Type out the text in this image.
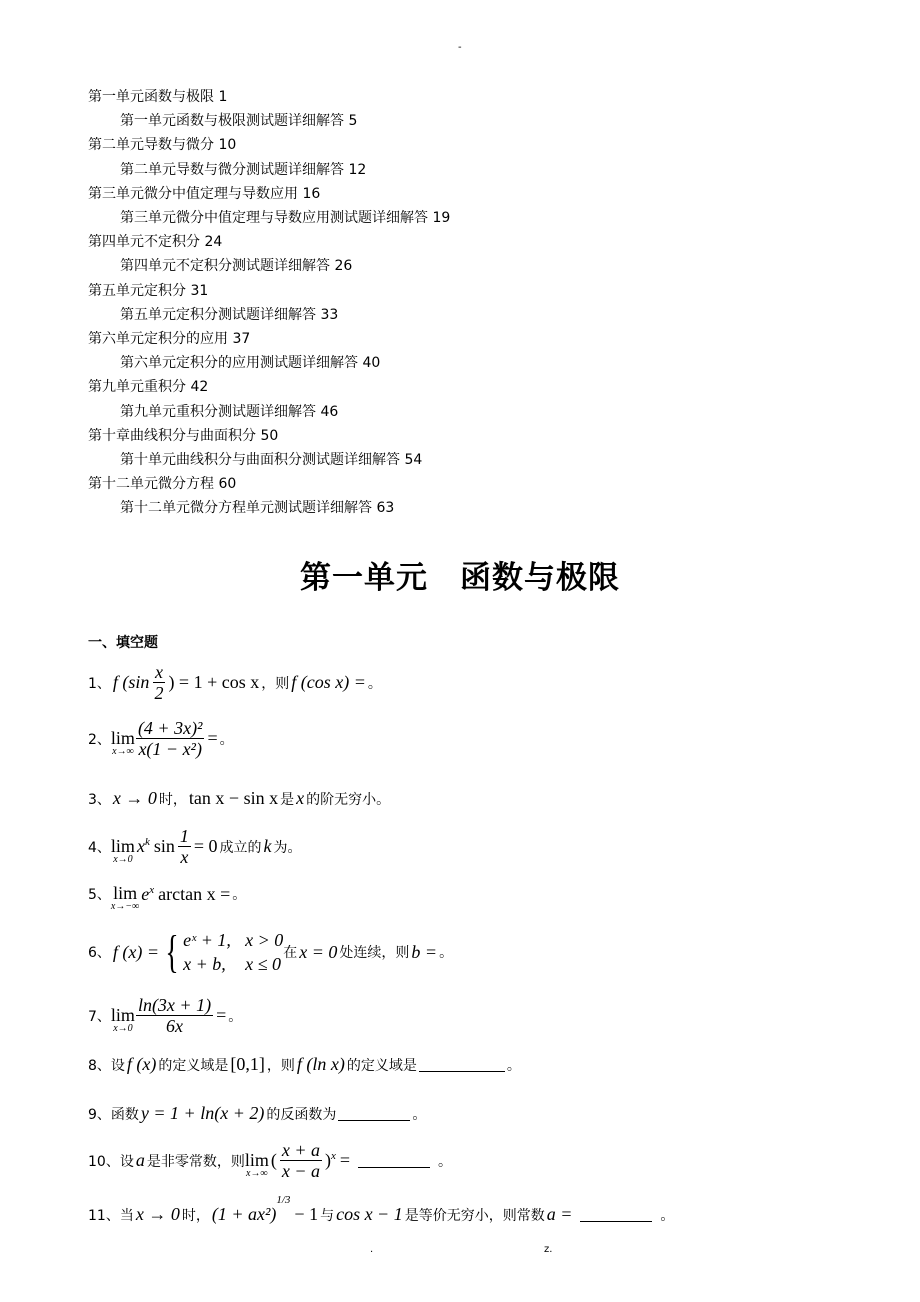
-
第一单元函数与极限 1
第一单元函数与极限测试题详细解答 5
第二单元导数与微分 10
第二单元导数与微分测试题详细解答 12
第三单元微分中值定理与导数应用 16
第三单元微分中值定理与导数应用测试题详细解答 19
第四单元不定积分 24
第四单元不定积分测试题详细解答 26
第五单元定积分 31
第五单元定积分测试题详细解答 33
第六单元定积分的应用 37
第六单元定积分的应用测试题详细解答 40
第九单元重积分 42
第九单元重积分测试题详细解答 46
第十章曲线积分与曲面积分 50
第十单元曲线积分与曲面积分测试题详细解答 54
第十二单元微分方程 60
第十二单元微分方程单元测试题详细解答 63
第一单元　函数与极限
一、填空题
1、 f ($\sin \frac{x}{2}$ ) = 1 + cos x ，则 f (cos x) = 。
2、 lim
$x\to\infty \frac{\text{(4 + 3x)²}}{\text{x(1 − x²)}}$ = 。
3、 x → 0 时， tan x − sin x 是 x 的阶无穷小。
4、 lim
x→0
$x^k$ $\sin \frac{1}{x} = 0$ 成立的 k 为。
5、 lim
x→−∞
$e^x$ arctan x = 。
6、 f (x) = { eˣ + 1, x > 0
x + b, x ≤ 0
在 x = 0 处连续，则 b = 。
7、 lim
$x\to 0 \frac{\ln(3x + 1)}{6x}$ = 。
8、 设 f (x) 的定义域是 [0,1] ，则 f (ln x) 的定义域是	。
9、 函数 y = 1 + ln(x + 2) 的反函数为	。
10、 设 a 是非零常数，则 lim
x→∞
( $\frac{x + a}{x - a} )^x$ =	。
11、 当 x → 0 时， $(1 + ax^2)^{1/3}$
− 1 与 cos x − 1 是等价无穷小，则常数 a =	。
.	z.
